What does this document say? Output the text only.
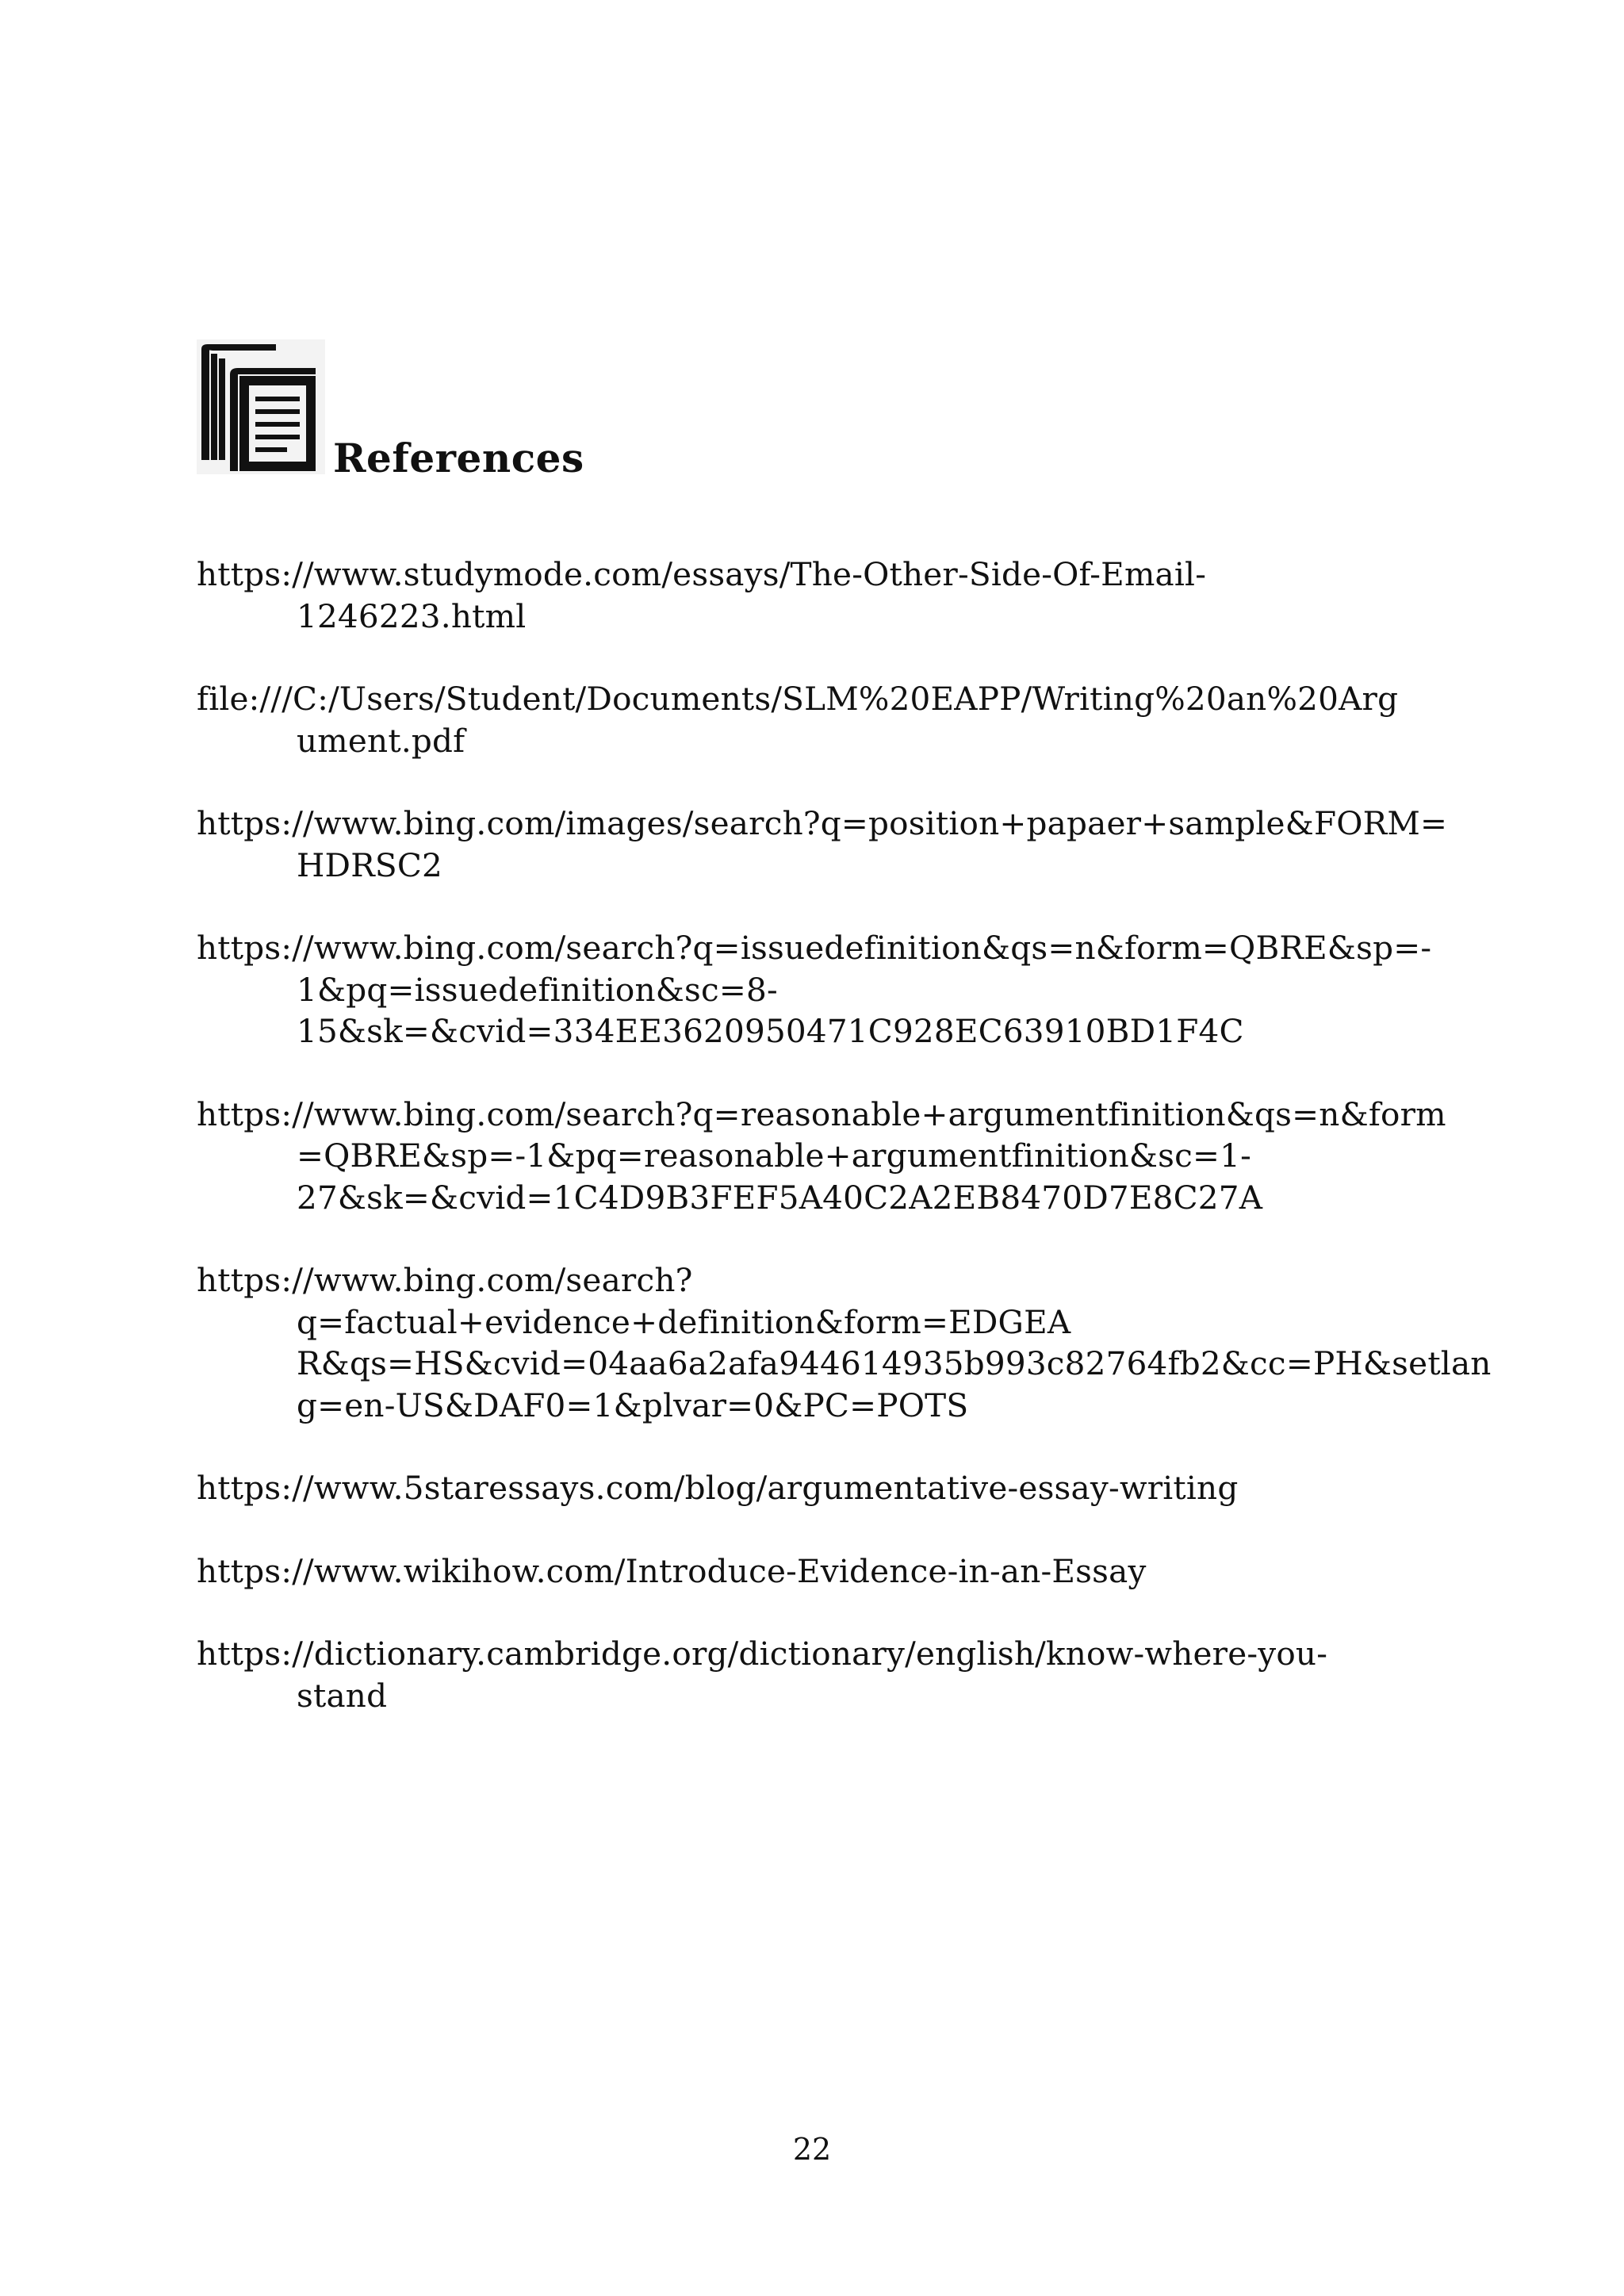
References
https://www.studymode.com/essays/The-Other-Side-Of-Email-
1246223.html
file:///C:/Users/Student/Documents/SLM%20EAPP/Writing%20an%20Arg
ument.pdf
https://www.bing.com/images/search?q=position+papaer+sample&FORM=
HDRSC2
https://www.bing.com/search?q=issuedefinition&qs=n&form=QBRE&sp=-
1&pq=issuedefinition&sc=8-
15&sk=&cvid=334EE3620950471C928EC63910BD1F4C
https://www.bing.com/search?q=reasonable+argumentfinition&qs=n&form
=QBRE&sp=-1&pq=reasonable+argumentfinition&sc=1-
27&sk=&cvid=1C4D9B3FEF5A40C2A2EB8470D7E8C27A
https://www.bing.com/search?q=factual+evidence+definition&form=EDGEA
R&qs=HS&cvid=04aa6a2afa944614935b993c82764fb2&cc=PH&setlan
g=en-US&DAF0=1&plvar=0&PC=POTS
https://www.5staressays.com/blog/argumentative-essay-writing
https://www.wikihow.com/Introduce-Evidence-in-an-Essay
https://dictionary.cambridge.org/dictionary/english/know-where-you-
stand
22
